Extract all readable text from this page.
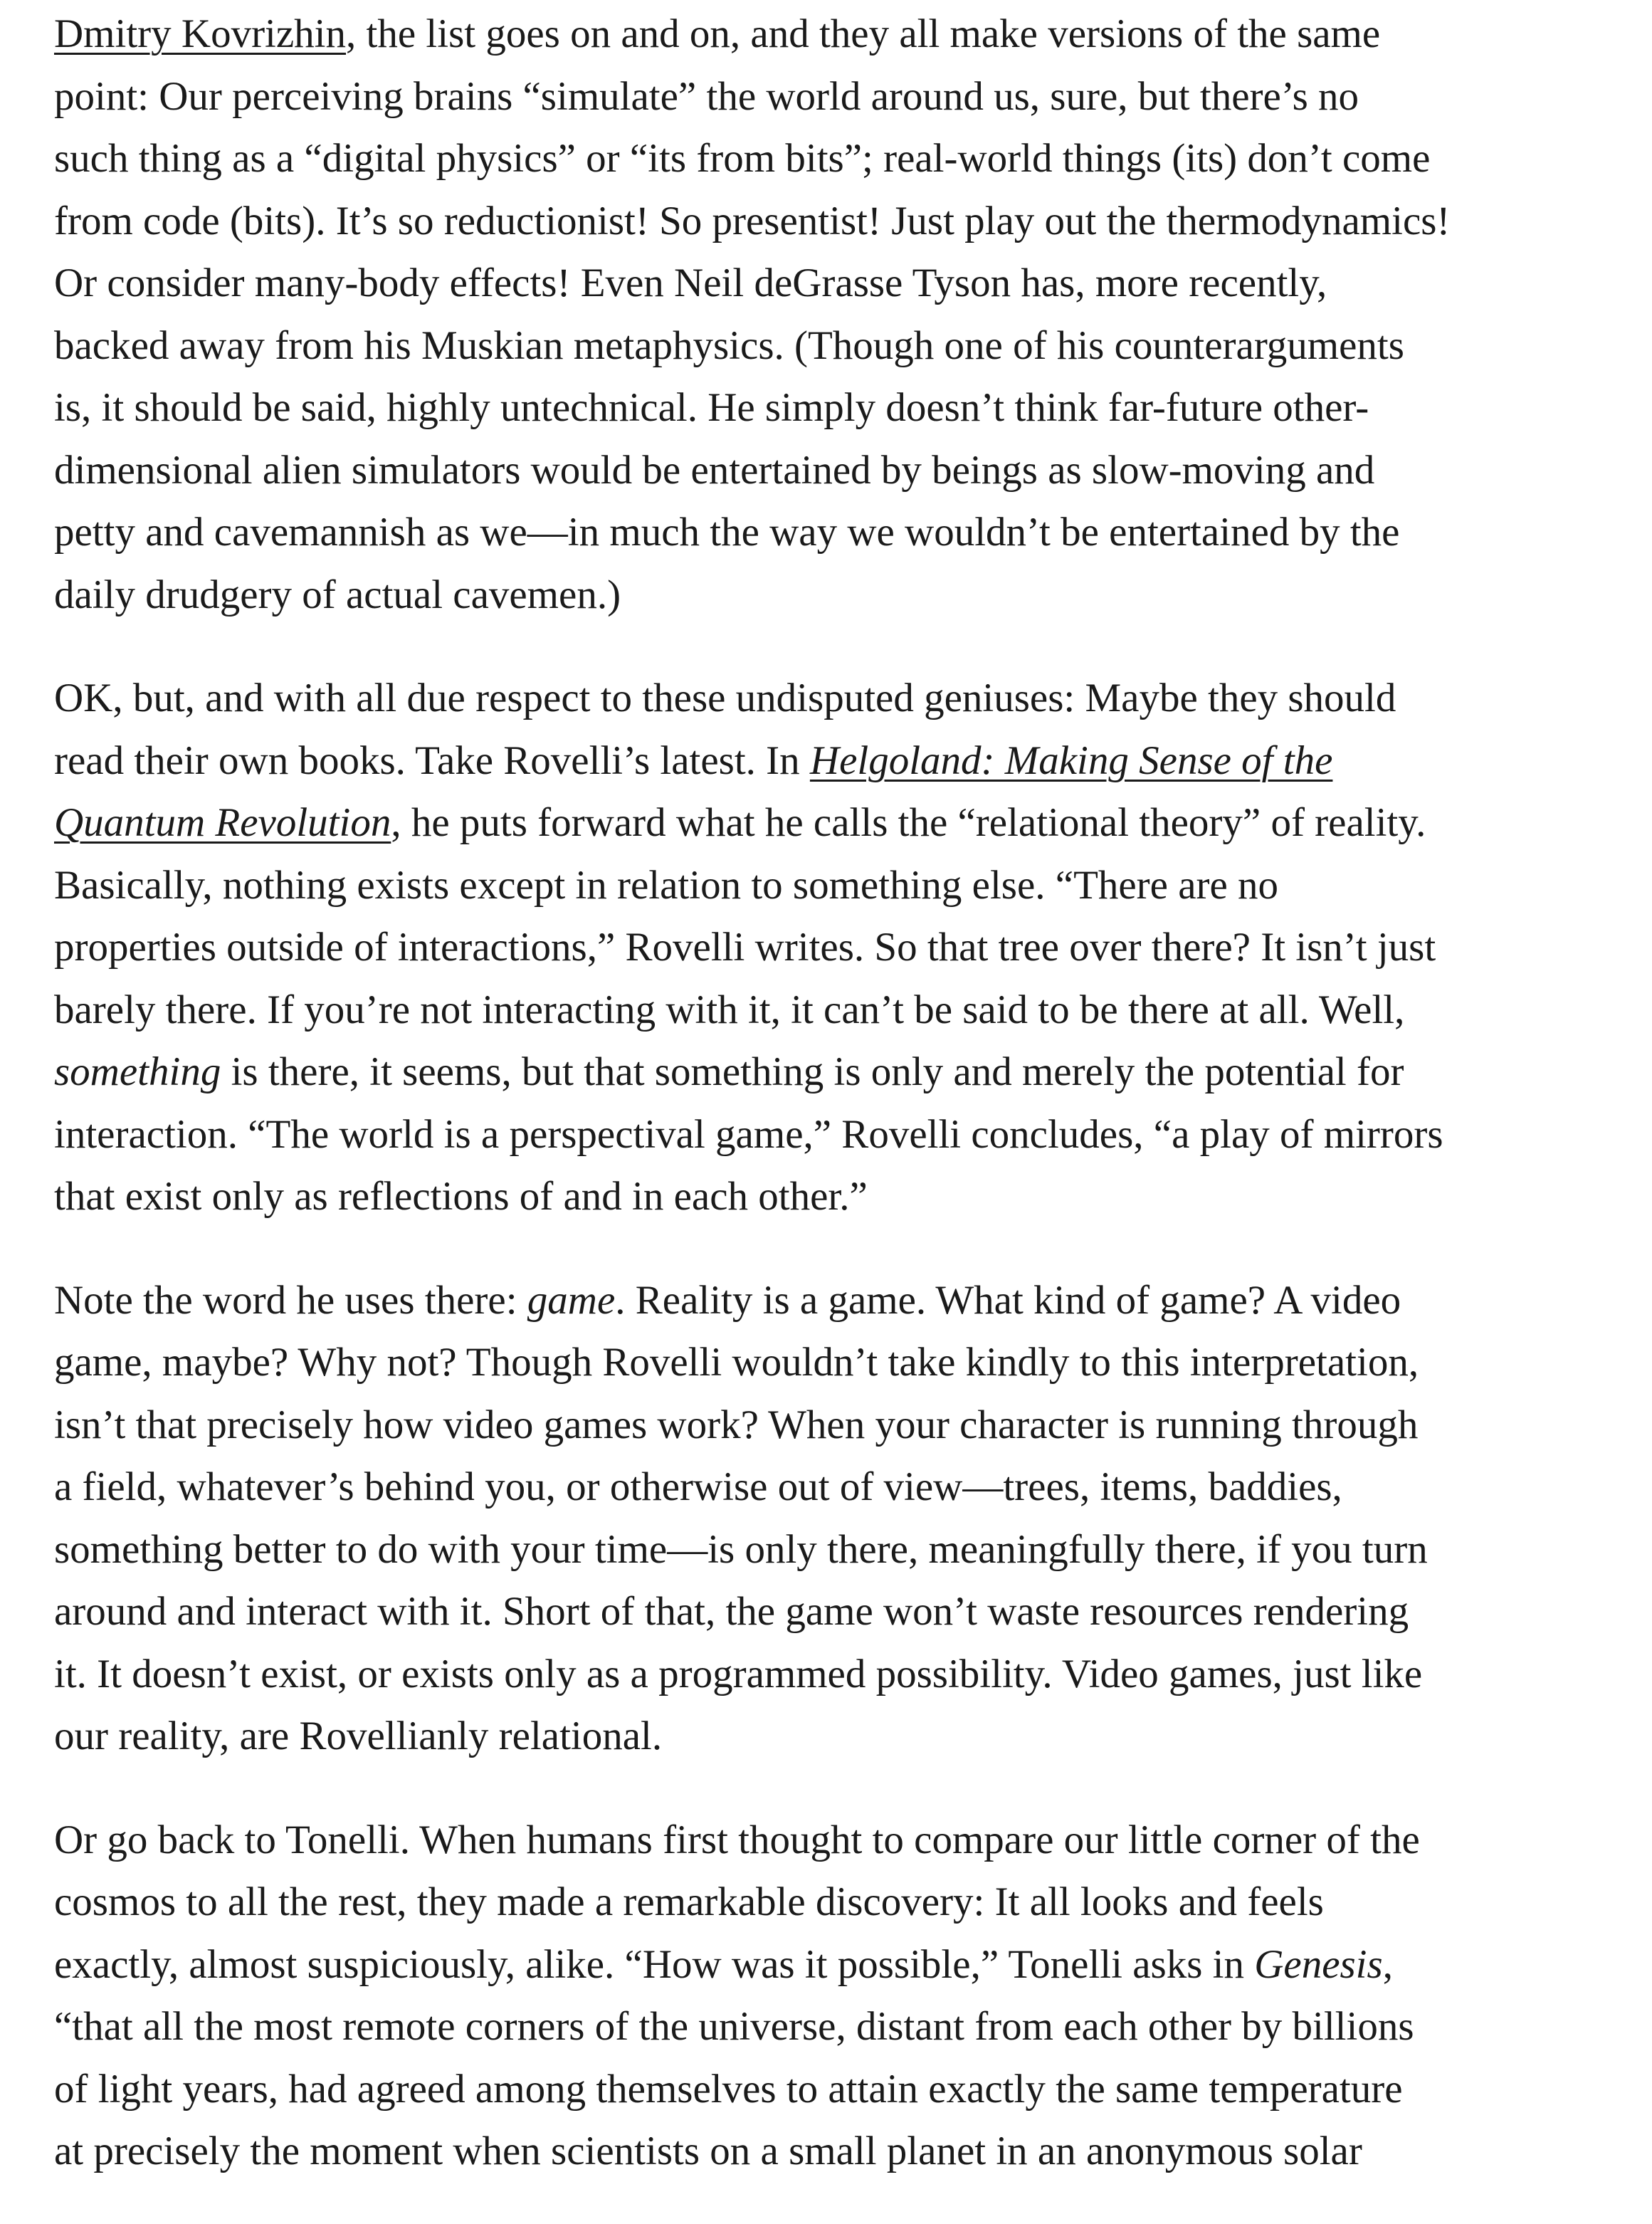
Dmitry Kovrizhin, the list goes on and on, and they all make versions of the same
point: Our perceiving brains “simulate” the world around us, sure, but there’s no
such thing as a “digital physics” or “its from bits”; real-world things (its) don’t come
from code (bits). It’s so reductionist! So presentist! Just play out the thermodynamics!
Or consider many-body effects! Even Neil deGrasse Tyson has, more recently,
backed away from his Muskian metaphysics. (Though one of his counterarguments
is, it should be said, highly untechnical. He simply doesn’t think far-future other-
dimensional alien simulators would be entertained by beings as slow-moving and
petty and cavemannish as we—in much the way we wouldn’t be entertained by the
daily drudgery of actual cavemen.)

OK, but, and with all due respect to these undisputed geniuses: Maybe they should
read their own books. Take Rovelli’s latest. In Helgoland: Making Sense of the
Quantum Revolution, he puts forward what he calls the “relational theory” of reality.
Basically, nothing exists except in relation to something else. “There are no
properties outside of interactions,” Rovelli writes. So that tree over there? It isn’t just
barely there. If you’re not interacting with it, it can’t be said to be there at all. Well,
something is there, it seems, but that something is only and merely the potential for
interaction. “The world is a perspectival game,” Rovelli concludes, “a play of mirrors
that exist only as reflections of and in each other.”

Note the word he uses there: game. Reality is a game. What kind of game? A video
game, maybe? Why not? Though Rovelli wouldn’t take kindly to this interpretation,
isn’t that precisely how video games work? When your character is running through
a field, whatever’s behind you, or otherwise out of view—trees, items, baddies,
something better to do with your time—is only there, meaningfully there, if you turn
around and interact with it. Short of that, the game won’t waste resources rendering
it. It doesn’t exist, or exists only as a programmed possibility. Video games, just like
our reality, are Rovellianly relational.

Or go back to Tonelli. When humans first thought to compare our little corner of the
cosmos to all the rest, they made a remarkable discovery: It all looks and feels
exactly, almost suspiciously, alike. “How was it possible,” Tonelli asks in Genesis,
“that all the most remote corners of the universe, distant from each other by billions
of light years, had agreed among themselves to attain exactly the same temperature
at precisely the moment when scientists on a small planet in an anonymous solar
